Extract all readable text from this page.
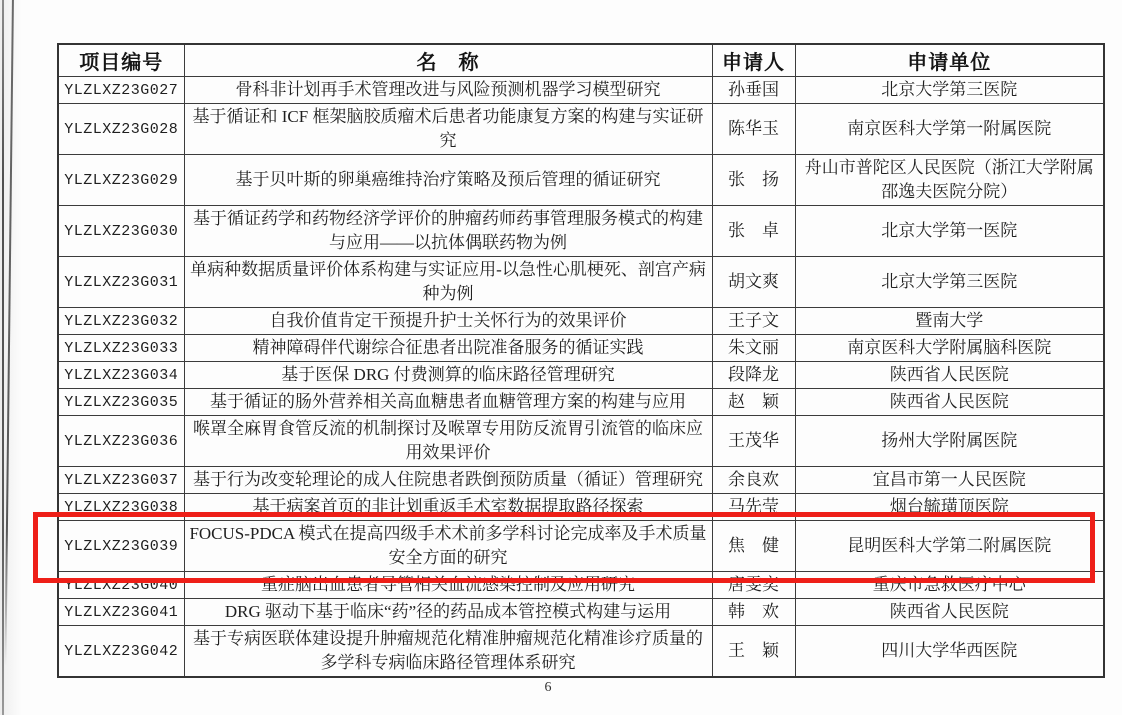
项目编号	名　称	申请人	申请单位
YLZLXZ23G027	骨科非计划再手术管理改进与风险预测机器学习模型研究	孙垂国	北京大学第三医院
YLZLXZ23G028	基于循证和 ICF 框架脑胶质瘤术后患者功能康复方案的构建与实证研究	陈华玉	南京医科大学第一附属医院
YLZLXZ23G029	基于贝叶斯的卵巢癌维持治疗策略及预后管理的循证研究	张　扬	舟山市普陀区人民医院（浙江大学附属邵逸夫医院分院）
YLZLXZ23G030	基于循证药学和药物经济学评价的肿瘤药师药事管理服务模式的构建与应用——以抗体偶联药物为例	张　卓	北京大学第一医院
YLZLXZ23G031	单病种数据质量评价体系构建与实证应用-以急性心肌梗死、剖宫产病种为例	胡文爽	北京大学第三医院
YLZLXZ23G032	自我价值肯定干预提升护士关怀行为的效果评价	王子文	暨南大学
YLZLXZ23G033	精神障碍伴代谢综合征患者出院准备服务的循证实践	朱文丽	南京医科大学附属脑科医院
YLZLXZ23G034	基于医保 DRG 付费测算的临床路径管理研究	段降龙	陕西省人民医院
YLZLXZ23G035	基于循证的肠外营养相关高血糖患者血糖管理方案的构建与应用	赵　颖	陕西省人民医院
YLZLXZ23G036	喉罩全麻胃食管反流的机制探讨及喉罩专用防反流胃引流管的临床应用效果评价	王茂华	扬州大学附属医院
YLZLXZ23G037	基于行为改变轮理论的成人住院患者跌倒预防质量（循证）管理研究	余良欢	宜昌市第一人民医院
YLZLXZ23G038	基于病案首页的非计划重返手术室数据提取路径探索	马先莹	烟台毓璜顶医院
YLZLXZ23G039	FOCUS-PDCA 模式在提高四级手术术前多学科讨论完成率及手术质量安全方面的研究	焦　健	昆明医科大学第二附属医院
YLZLXZ23G040	重症脑出血患者导管相关血流感染控制及应用研究	唐雯奕	重庆市急救医疗中心
YLZLXZ23G041	DRG 驱动下基于临床“药”径的药品成本管控模式构建与运用	韩　欢	陕西省人民医院
YLZLXZ23G042	基于专病医联体建设提升肿瘤规范化精准肿瘤规范化精准诊疗质量的多学科专病临床路径管理体系研究	王　颖	四川大学华西医院
6
